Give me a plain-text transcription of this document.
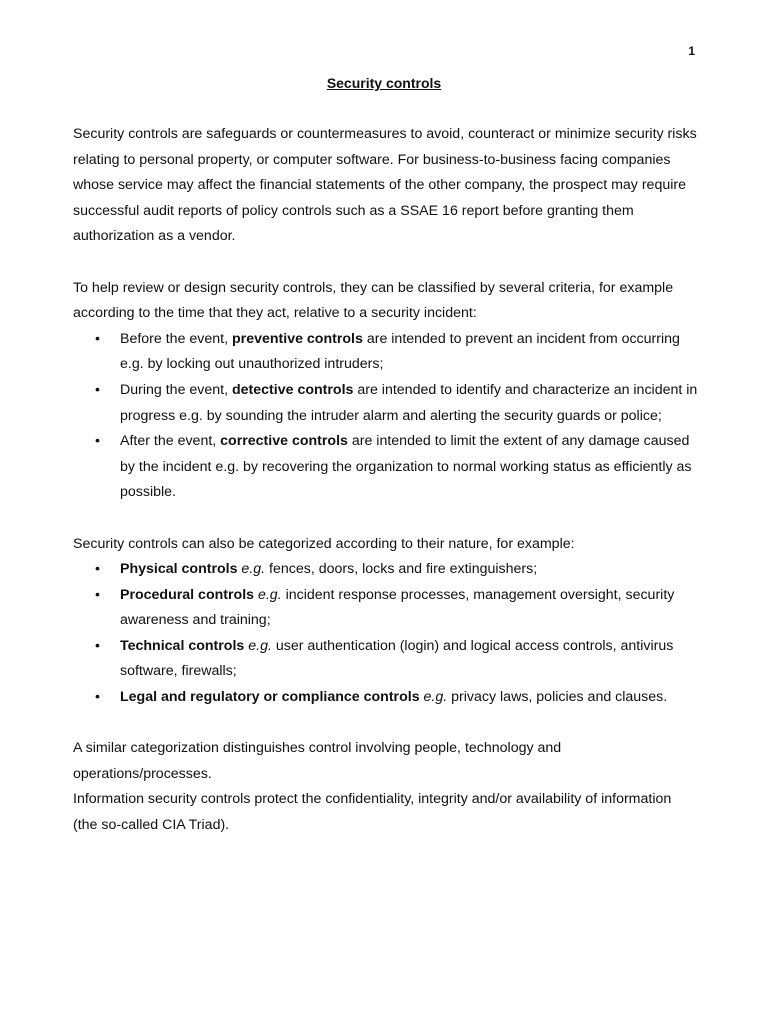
1
Security controls

Security controls are safeguards or countermeasures to avoid, counteract or minimize security risks relating to personal property, or computer software. For business-to-business facing companies whose service may affect the financial statements of the other company, the prospect may require successful audit reports of policy controls such as a SSAE 16 report before granting them authorization as a vendor.

To help review or design security controls, they can be classified by several criteria, for example according to the time that they act, relative to a security incident:

• Before the event, preventive controls are intended to prevent an incident from occurring e.g. by locking out unauthorized intruders;
• During the event, detective controls are intended to identify and characterize an incident in progress e.g. by sounding the intruder alarm and alerting the security guards or police;
• After the event, corrective controls are intended to limit the extent of any damage caused by the incident e.g. by recovering the organization to normal working status as efficiently as possible.

Security controls can also be categorized according to their nature, for example:

• Physical controls e.g. fences, doors, locks and fire extinguishers;
• Procedural controls e.g. incident response processes, management oversight, security awareness and training;
• Technical controls e.g. user authentication (login) and logical access controls, antivirus software, firewalls;
• Legal and regulatory or compliance controls e.g. privacy laws, policies and clauses.

A similar categorization distinguishes control involving people, technology and operations/processes.

Information security controls protect the confidentiality, integrity and/or availability of information (the so-called CIA Triad).
